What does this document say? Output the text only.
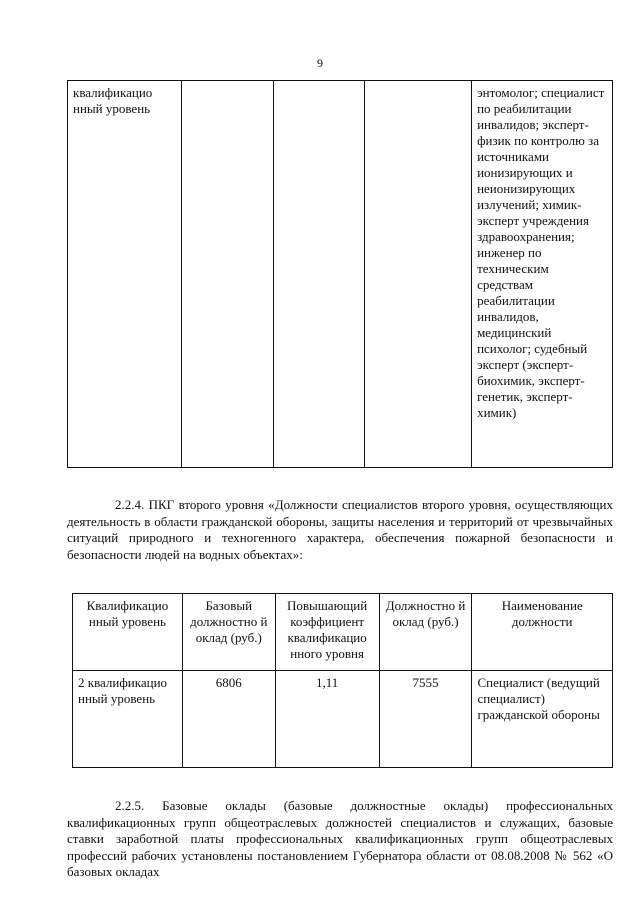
9
квалификацио нный уровень				энтомолог; специалист по реабилитации инвалидов; эксперт-физик по контролю за источниками ионизирующих и неионизирующих излучений; химик-эксперт учреждения здравоохранения; инженер по техническим средствам реабилитации инвалидов, медицинский психолог; судебный эксперт (эксперт-биохимик, эксперт-генетик, эксперт-химик)

2.2.4. ПКГ второго уровня «Должности специалистов второго уровня, осуществляющих деятельность в области гражданской обороны, защиты населения и территорий от чрезвычайных ситуаций природного и техногенного характера, обеспечения пожарной безопасности и безопасности людей на водных объектах»:

Квалификацио нный уровень	Базовый должностно й оклад (руб.)	Повышающий коэффициент квалификацио нного уровня	Должностно й оклад (руб.)	Наименование должности
2 квалификацио нный уровень	6806	1,11	7555	Специалист (ведущий специалист) гражданской обороны

2.2.5. Базовые оклады (базовые должностные оклады) профессиональных квалификационных групп общеотраслевых должностей специалистов и служащих, базовые ставки заработной платы профессиональных квалификационных групп общеотраслевых профессий рабочих установлены постановлением Губернатора области от 08.08.2008 № 562 «О базовых окладах
